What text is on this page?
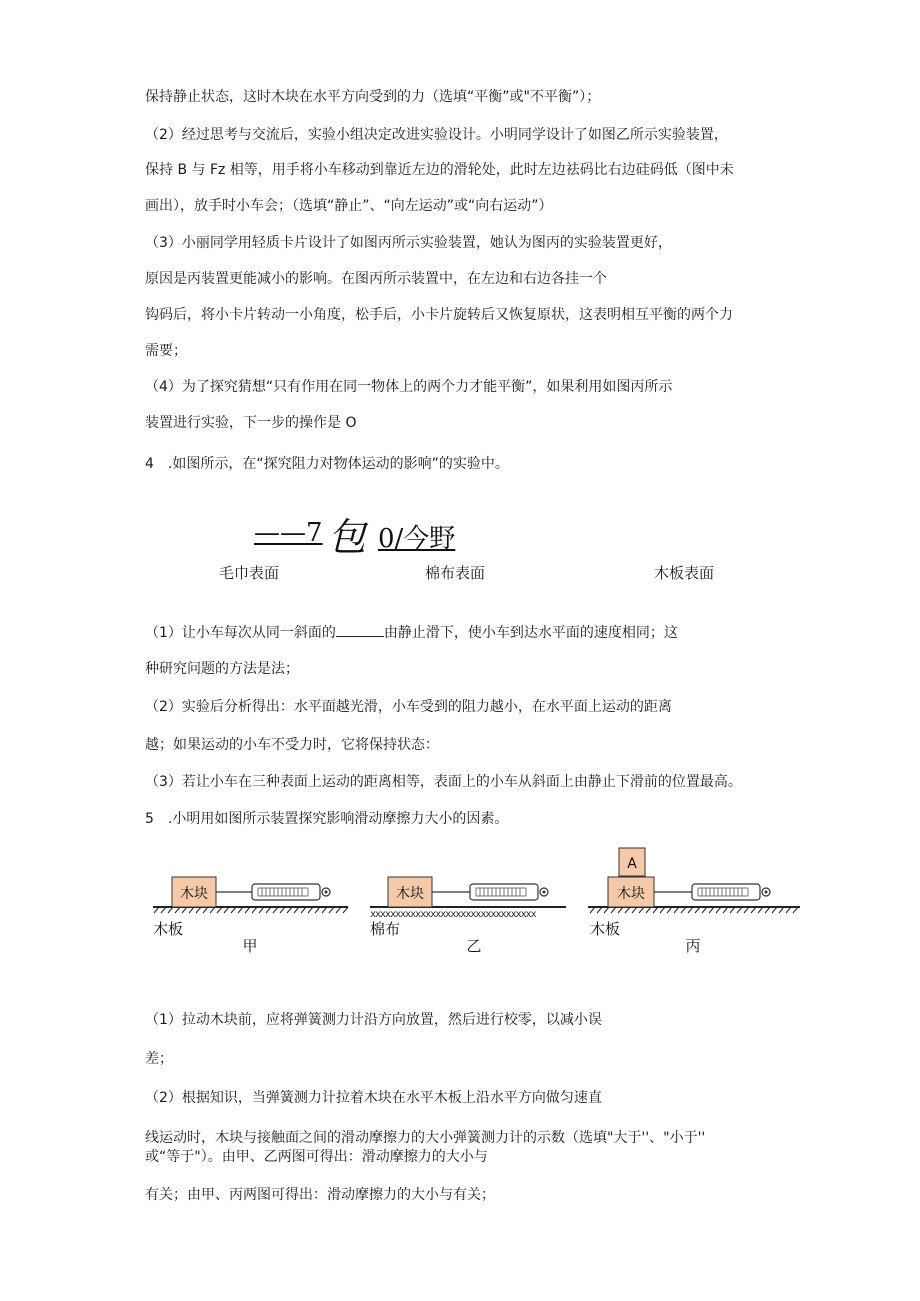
保持静止状态，这时木块在水平方向受到的力（选填“平衡”或"不平衡”）；
（2）经过思考与交流后，实验小组决定改进实验设计。小明同学设计了如图乙所示实验装置，
保持 B 与 Fz 相等，用手将小车移动到靠近左边的滑轮处，此时左边祛码比右边硅码低（图中未
画出），放手时小车会；（选填“静止”、“向左运动”或“向右运动”）
（3）小丽同学用轻质卡片设计了如图丙所示实验装置，她认为图丙的实验装置更好，
原因是丙装置更能减小的影响。在图丙所示装置中，在左边和右边各挂一个
钩码后，将小卡片转动一小角度，松手后，小卡片旋转后又恢复原状，这表明相互平衡的两个力
需要；
（4）为了探究猜想“只有作用在同一物体上的两个力才能平衡”，如果利用如图丙所示
装置进行实验，下一步的操作是 O
4　.如图所示，在“探究阻力对物体运动的影响”的实验中。
——7 包 0/今野
毛巾表面	棉布表面	木板表面
（1）让小车每次从同一斜面的	由静止滑下，使小车到达水平面的速度相同；这
种研究问题的方法是法；
（2）实验后分析得出：水平面越光滑，小车受到的阻力越小，在水平面上运动的距离
越；如果运动的小车不受力时，它将保持状态：
（3）若让小车在三种表面上运动的距离相等，表面上的小车从斜面上由静止下滑前的位置最高。
5　.小明用如图所示装置探究影响滑动摩擦力大小的因素。
木块
木板
甲
xxxxxxxxxxxxxxxxxxxxxxxxxxxxxxxxx
木块
棉布
乙
A
木块
木板
丙
（1）拉动木块前，应将弹簧测力计沿方向放置，然后进行校零，以减小误
差；
（2）根据知识，当弹簧测力计拉着木块在水平木板上沿水平方向做匀速直
线运动时，木块与接触面之间的滑动摩擦力的大小弹簧测力计的示数（选填"大于''、"小于''
或“等于"）。由甲、乙两图可得出：滑动摩擦力的大小与
有关；由甲、丙两图可得出：滑动摩擦力的大小与有关；
